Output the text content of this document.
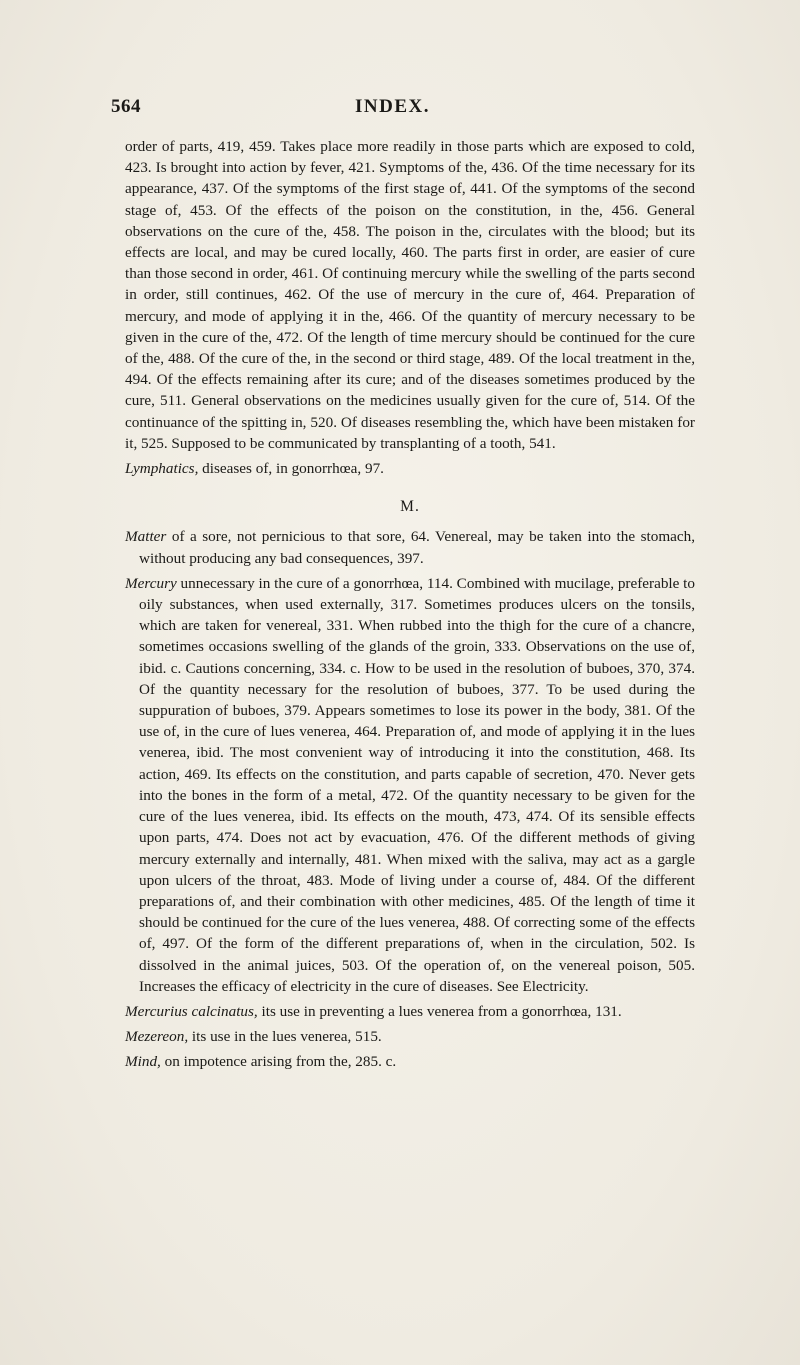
564	INDEX.

order of parts, 419, 459. Takes place more readily in those parts which are exposed to cold, 423. Is brought into action by fever, 421. Symptoms of the, 436. Of the time necessary for its appearance, 437. Of the symptoms of the first stage of, 441. Of the symptoms of the second stage of, 453. Of the effects of the poison on the constitution, in the, 456. General observations on the cure of the, 458. The poison in the, circulates with the blood; but its effects are local, and may be cured locally, 460. The parts first in order, are easier of cure than those second in order, 461. Of continuing mercury while the swelling of the parts second in order, still continues, 462. Of the use of mercury in the cure of, 464. Preparation of mercury, and mode of applying it in the, 466. Of the quantity of mercury necessary to be given in the cure of the, 472. Of the length of time mercury should be continued for the cure of the, 488. Of the cure of the, in the second or third stage, 489. Of the local treatment in the, 494. Of the effects remaining after its cure; and of the diseases sometimes produced by the cure, 511. General observations on the medicines usually given for the cure of, 514. Of the continuance of the spitting in, 520. Of diseases resembling the, which have been mistaken for it, 525. Supposed to be communicated by transplanting of a tooth, 541.

Lymphatics, diseases of, in gonorrhœa, 97.

M.

Matter of a sore, not pernicious to that sore, 64. Venereal, may be taken into the stomach, without producing any bad consequences, 397.

Mercury unnecessary in the cure of a gonorrhœa, 114. Combined with mucilage, preferable to oily substances, when used externally, 317. Sometimes produces ulcers on the tonsils, which are taken for venereal, 331. When rubbed into the thigh for the cure of a chancre, sometimes occasions swelling of the glands of the groin, 333. Observations on the use of, ibid. c. Cautions concerning, 334. c. How to be used in the resolution of buboes, 370, 374. Of the quantity necessary for the resolution of buboes, 377. To be used during the suppuration of buboes, 379. Appears sometimes to lose its power in the body, 381. Of the use of, in the cure of lues venerea, 464. Preparation of, and mode of applying it in the lues venerea, ibid. The most convenient way of introducing it into the constitution, 468. Its action, 469. Its effects on the constitution, and parts capable of secretion, 470. Never gets into the bones in the form of a metal, 472. Of the quantity necessary to be given for the cure of the lues venerea, ibid. Its effects on the mouth, 473, 474. Of its sensible effects upon parts, 474. Does not act by evacuation, 476. Of the different methods of giving mercury externally and internally, 481. When mixed with the saliva, may act as a gargle upon ulcers of the throat, 483. Mode of living under a course of, 484. Of the different preparations of, and their combination with other medicines, 485. Of the length of time it should be continued for the cure of the lues venerea, 488. Of correcting some of the effects of, 497. Of the form of the different preparations of, when in the circulation, 502. Is dissolved in the animal juices, 503. Of the operation of, on the venereal poison, 505. Increases the efficacy of electricity in the cure of diseases. See Electricity.

Mercurius calcinatus, its use in preventing a lues venerea from a gonorrhœa, 131.

Mezereon, its use in the lues venerea, 515.

Mind, on impotence arising from the, 285. c.
